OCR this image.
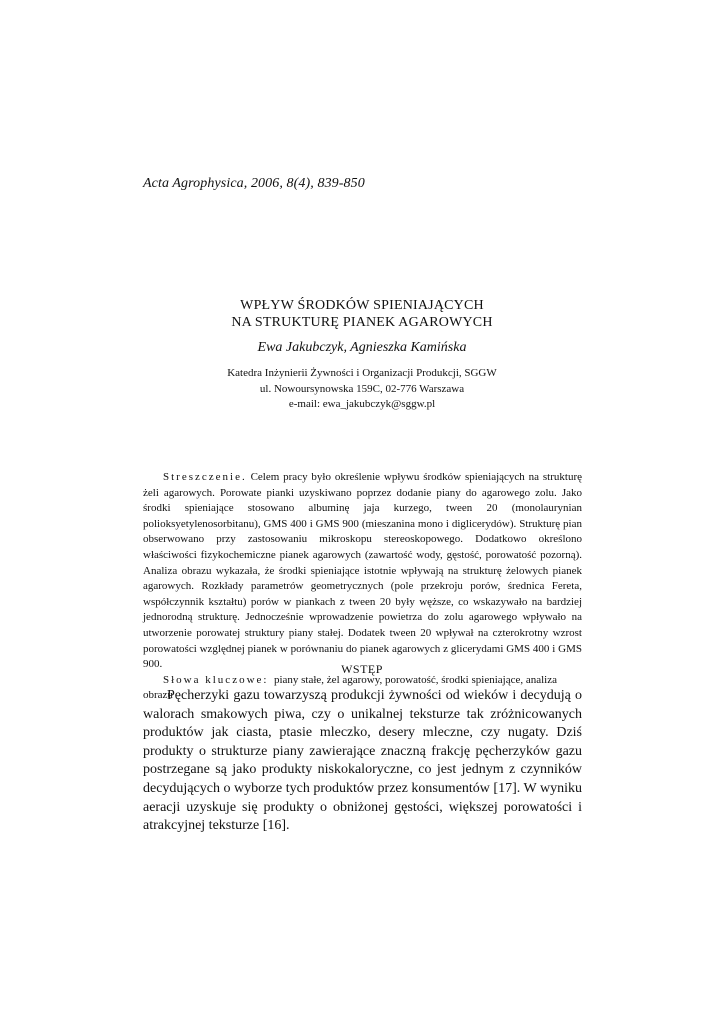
Acta Agrophysica, 2006, 8(4), 839-850
WPŁYW ŚRODKÓW SPIENIAJĄCYCH
NA STRUKTURĘ PIANEK AGAROWYCH
Ewa Jakubczyk, Agnieszka Kamińska
Katedra Inżynierii Żywności i Organizacji Produkcji, SGGW
ul. Nowoursynowska 159C, 02-776 Warszawa
e-mail: ewa_jakubczyk@sggw.pl

Streszczenie. Celem pracy było określenie wpływu środków spieniających na strukturę żeli agarowych. Porowate pianki uzyskiwano poprzez dodanie piany do agarowego zolu. Jako środki spieniające stosowano albuminę jaja kurzego, tween 20 (monolaurynian polioksyetylenosorbitanu), GMS 400 i GMS 900 (mieszanina mono i diglicerydów). Strukturę pian obserwowano przy zastosowaniu mikroskopu stereoskopowego. Dodatkowo określono właściwości fizykochemiczne pianek agarowych (zawartość wody, gęstość, porowatość pozorną). Analiza obrazu wykazała, że środki spieniające istotnie wpływają na strukturę żelowych pianek agarowych. Rozkłady parametrów geometrycznych (pole przekroju porów, średnica Fereta, współczynnik kształtu) porów w piankach z tween 20 były węższe, co wskazywało na bardziej jednorodną strukturę. Jednocześnie wprowadzenie powietrza do zolu agarowego wpływało na utworzenie porowatej struktury piany stałej. Dodatek tween 20 wpływał na czterokrotny wzrost porowatości względnej pianek w porównaniu do pianek agarowych z glicerydami GMS 400 i GMS 900.

Słowa kluczowe: piany stałe, żel agarowy, porowatość, środki spieniające, analiza obrazu

WSTĘP

Pęcherzyki gazu towarzyszą produkcji żywności od wieków i decydują o walorach smakowych piwa, czy o unikalnej teksturze tak zróżnicowanych produktów jak ciasta, ptasie mleczko, desery mleczne, czy nugaty. Dziś produkty o strukturze piany zawierające znaczną frakcję pęcherzyków gazu postrzegane są jako produkty niskokaloryczne, co jest jednym z czynników decydujących o wyborze tych produktów przez konsumentów [17]. W wyniku aeracji uzyskuje się produkty o obniżonej gęstości, większej porowatości i atrakcyjnej teksturze [16].
